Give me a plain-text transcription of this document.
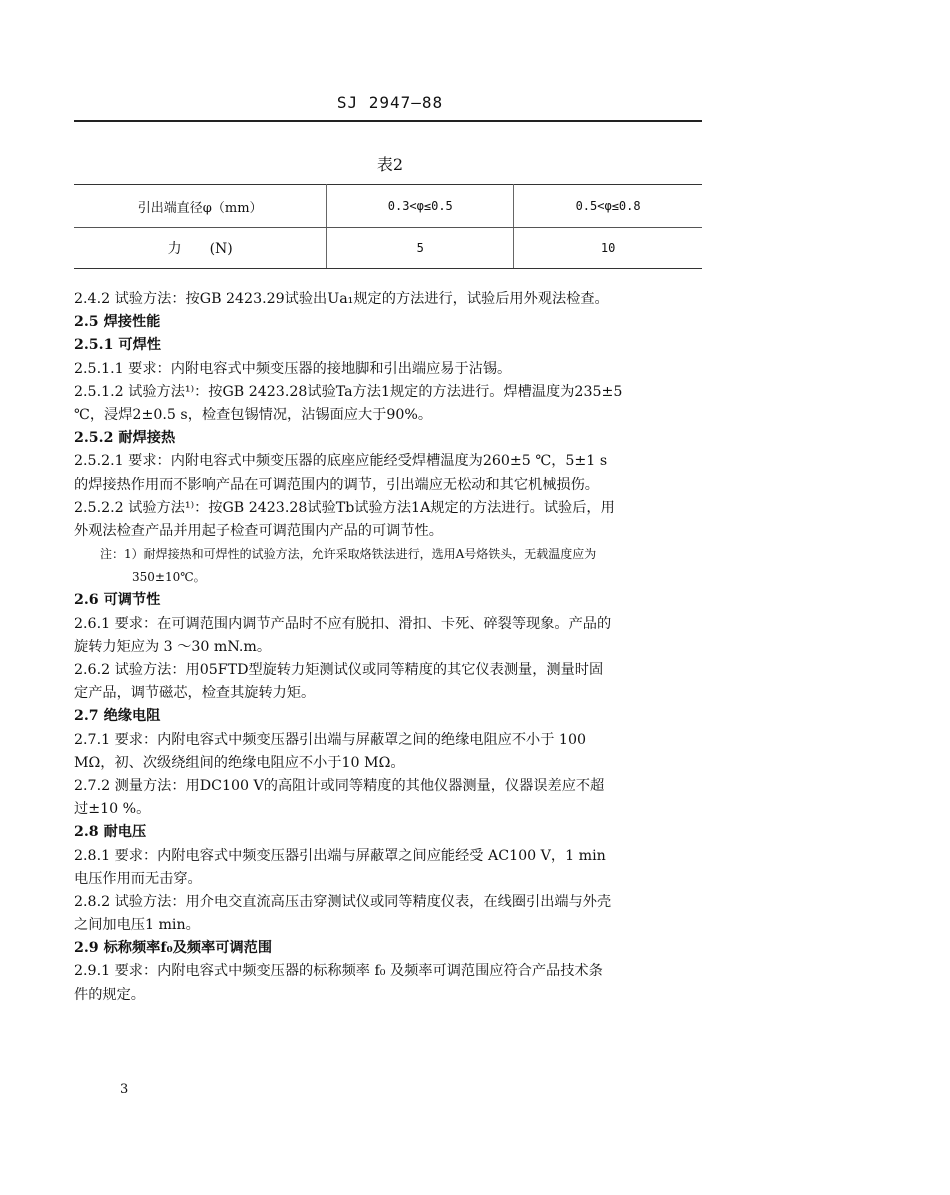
SJ 2947—88
表2
引出端直径φ（mm）	0.3<φ≤0.5	0.5<φ≤0.8
力　　(N)	5	10
2.4.2 试验方法：按GB 2423.29试验出Ua₁规定的方法进行，试验后用外观法检查。
2.5 焊接性能
2.5.1 可焊性
2.5.1.1 要求：内附电容式中频变压器的接地脚和引出端应易于沾锡。
2.5.1.2 试验方法¹⁾：按GB 2423.28试验Ta方法1规定的方法进行。焊槽温度为235±5
℃，浸焊2±0.5 s，检查包锡情况，沾锡面应大于90%。
2.5.2 耐焊接热
2.5.2.1 要求：内附电容式中频变压器的底座应能经受焊槽温度为260±5 ℃，5±1 s
的焊接热作用而不影响产品在可调范围内的调节，引出端应无松动和其它机械损伤。
2.5.2.2 试验方法¹⁾：按GB 2423.28试验Tb试验方法1A规定的方法进行。试验后，用
外观法检查产品并用起子检查可调范围内产品的可调节性。
注：1）耐焊接热和可焊性的试验方法，允许采取烙铁法进行，选用A号烙铁头，无载温度应为
350±10℃。
2.6 可调节性
2.6.1 要求：在可调范围内调节产品时不应有脱扣、滑扣、卡死、碎裂等现象。产品的
旋转力矩应为 3 ～30 mN.m。
2.6.2 试验方法：用05FTD型旋转力矩测试仪或同等精度的其它仪表测量，测量时固
定产品，调节磁芯，检查其旋转力矩。
2.7 绝缘电阻
2.7.1 要求：内附电容式中频变压器引出端与屏蔽罩之间的绝缘电阻应不小于 100
MΩ，初、次级绕组间的绝缘电阻应不小于10 MΩ。
2.7.2 测量方法：用DC100 V的高阻计或同等精度的其他仪器测量，仪器误差应不超
过±10 %。
2.8 耐电压
2.8.1 要求：内附电容式中频变压器引出端与屏蔽罩之间应能经受 AC100 V，1 min
电压作用而无击穿。
2.8.2 试验方法：用介电交直流高压击穿测试仪或同等精度仪表，在线圈引出端与外壳
之间加电压1 min。
2.9 标称频率f₀及频率可调范围
2.9.1 要求：内附电容式中频变压器的标称频率 f₀ 及频率可调范围应符合产品技术条
件的规定。
3
